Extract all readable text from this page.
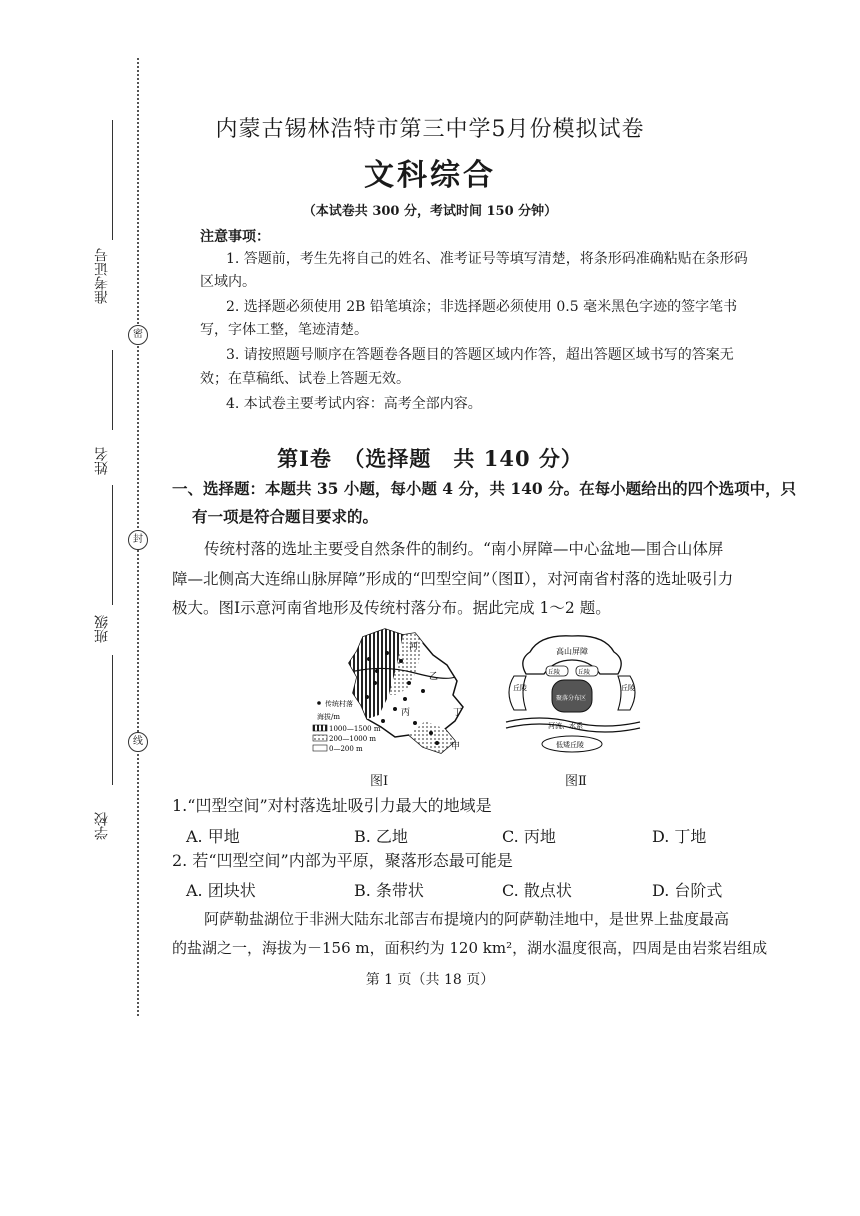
准考证号
密
姓名
封
班级
线
学校
内蒙古锡林浩特市第三中学5月份模拟试卷
文科综合
（本试卷共 300 分，考试时间 150 分钟）
注意事项：
1. 答题前，考生先将自己的姓名、准考证号等填写清楚，将条形码准确粘贴在条形码
区域内。
2. 选择题必须使用 2B 铅笔填涂；非选择题必须使用 0.5 毫米黑色字迹的签字笔书
写，字体工整，笔迹清楚。
3. 请按照题号顺序在答题卷各题目的答题区域内作答，超出答题区域书写的答案无
效；在草稿纸、试卷上答题无效。
4. 本试卷主要考试内容：高考全部内容。
第Ⅰ卷　（选择题　共 140 分）
一、选择题：本题共 35 小题，每小题 4 分，共 140 分。在每小题给出的四个选项中，只
有一项是符合题目要求的。
传统村落的选址主要受自然条件的制约。“南小屏障—中心盆地—围合山体屏
障—北侧高大连绵山脉屏障”形成的“凹型空间”（图Ⅱ），对河南省村落的选址吸引力
极大。图Ⅰ示意河南省地形及传统村落分布。据此完成 1～2 题。
河
乙
丙	丁
甲
传统村落
海拔/m
1000—1500 m
200—1000 m
0—200 m
图Ⅰ
高山屏障
丘陵	丘陵
丘陵	丘陵
聚落分布区
河流、水系
低矮丘陵
图Ⅱ
1.“凹型空间”对村落选址吸引力最大的地域是
A. 甲地	B. 乙地	C. 丙地	D. 丁地
2. 若“凹型空间”内部为平原，聚落形态最可能是
A. 团块状	B. 条带状	C. 散点状	D. 台阶式
阿萨勒盐湖位于非洲大陆东北部吉布提境内的阿萨勒洼地中，是世界上盐度最高
的盐湖之一，海拔为－156 m，面积约为 120 km²，湖水温度很高，四周是由岩浆岩组成
第 1 页（共 18 页）
